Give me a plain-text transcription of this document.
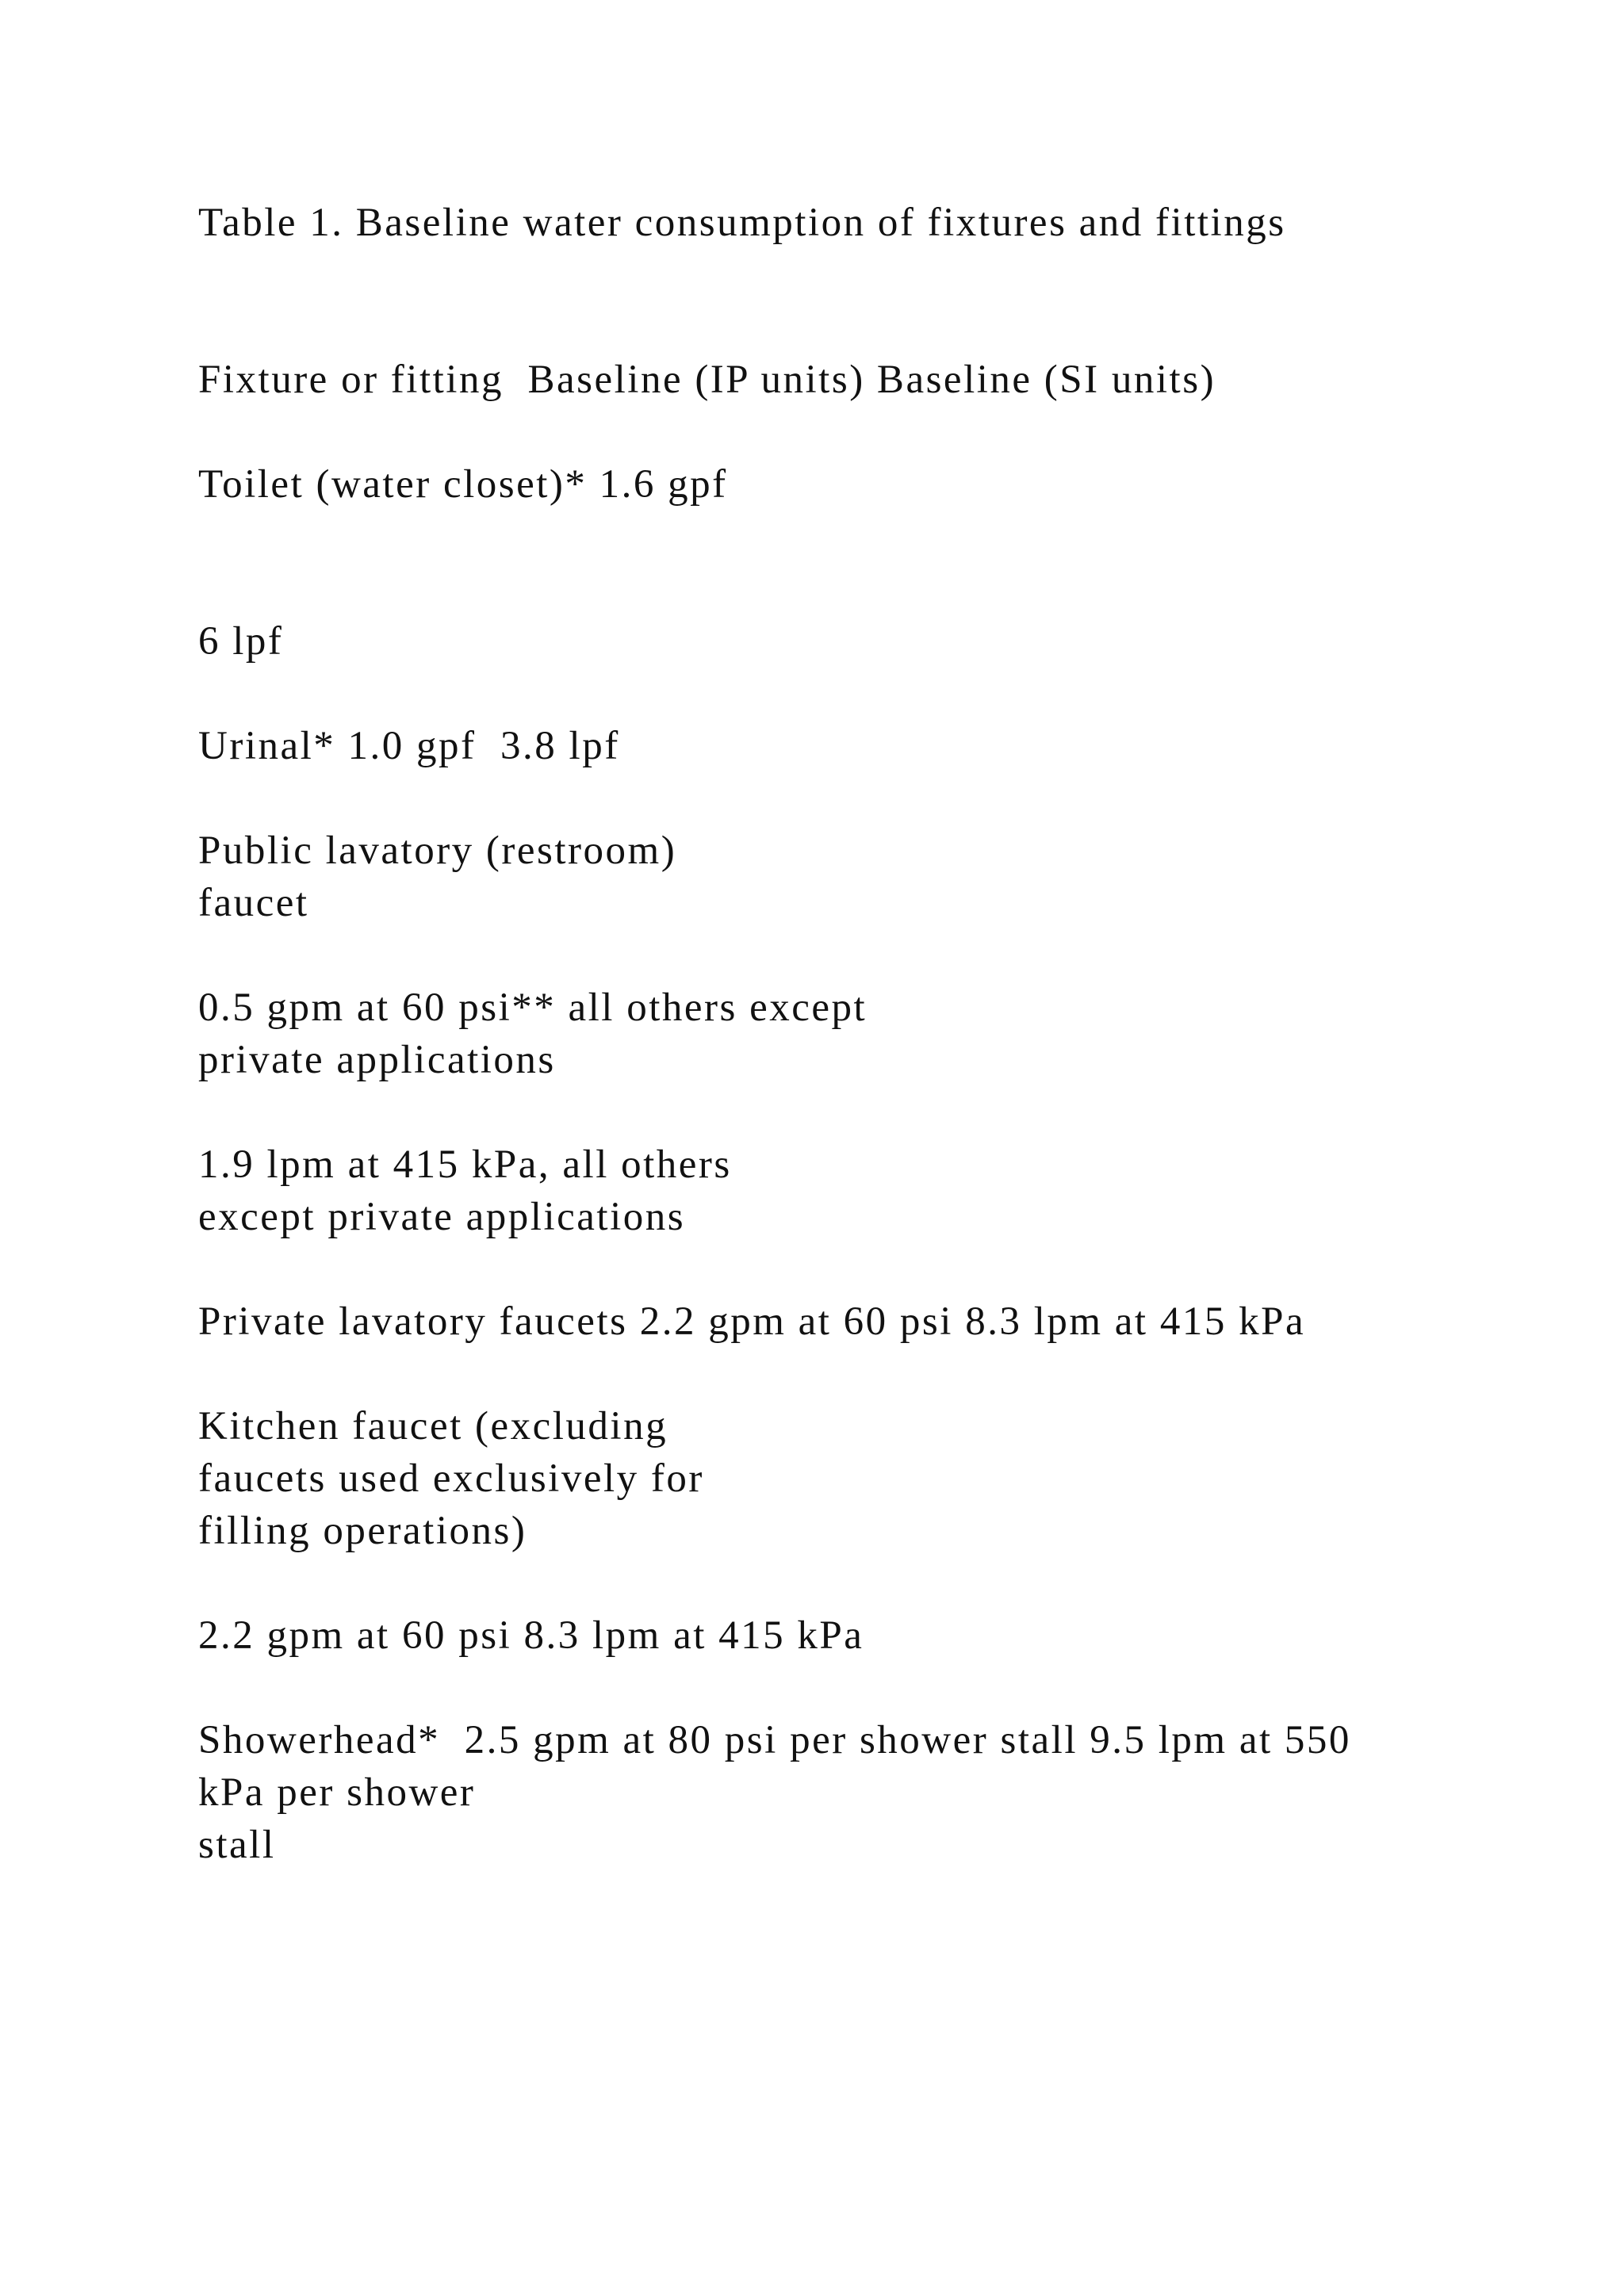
Table 1. Baseline water consumption of fixtures and fittings

Fixture or fitting  Baseline (IP units) Baseline (SI units)

Toilet (water closet)* 1.6 gpf

6 lpf

Urinal* 1.0 gpf  3.8 lpf

Public lavatory (restroom)

faucet

0.5 gpm at 60 psi** all others except

private applications

1.9 lpm at 415 kPa, all others

except private applications

Private lavatory faucets 2.2 gpm at 60 psi 8.3 lpm at 415 kPa

Kitchen faucet (excluding

faucets used exclusively for

filling operations)

2.2 gpm at 60 psi 8.3 lpm at 415 kPa

Showerhead*  2.5 gpm at 80 psi per shower stall 9.5 lpm at 550

kPa per shower

stall
